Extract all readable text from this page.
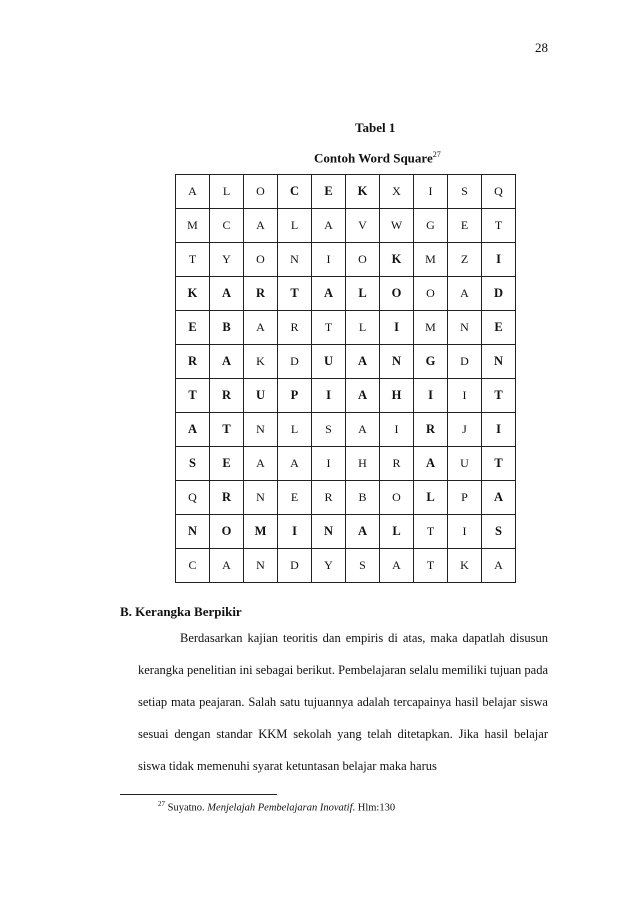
28
Tabel 1
Contoh Word Square$^{27}$
A	L	O	C	E	K	X	I	S	Q
M	C	A	L	A	V	W	G	E	T
T	Y	O	N	I	O	K	M	Z	I
K	A	R	T	A	L	O	O	A	D
E	B	A	R	T	L	I	M	N	E
R	A	K	D	U	A	N	G	D	N
T	R	U	P	I	A	H	I	I	T
A	T	N	L	S	A	I	R	J	I
S	E	A	A	I	H	R	A	U	T
Q	R	N	E	R	B	O	L	P	A
N	O	M	I	N	A	L	T	I	S
C	A	N	D	Y	S	A	T	K	A
B. Kerangka Berpikir
Berdasarkan kajian teoritis dan empiris di atas, maka dapatlah disusun kerangka penelitian ini sebagai berikut. Pembelajaran selalu memiliki tujuan pada setiap mata peajaran. Salah satu tujuannya adalah tercapainya hasil belajar siswa sesuai dengan standar KKM sekolah yang telah ditetapkan. Jika hasil belajar siswa tidak memenuhi syarat ketuntasan belajar maka harus
$^{27}$ Suyatno. Menjelajah Pembelajaran Inovatif. Hlm:130
